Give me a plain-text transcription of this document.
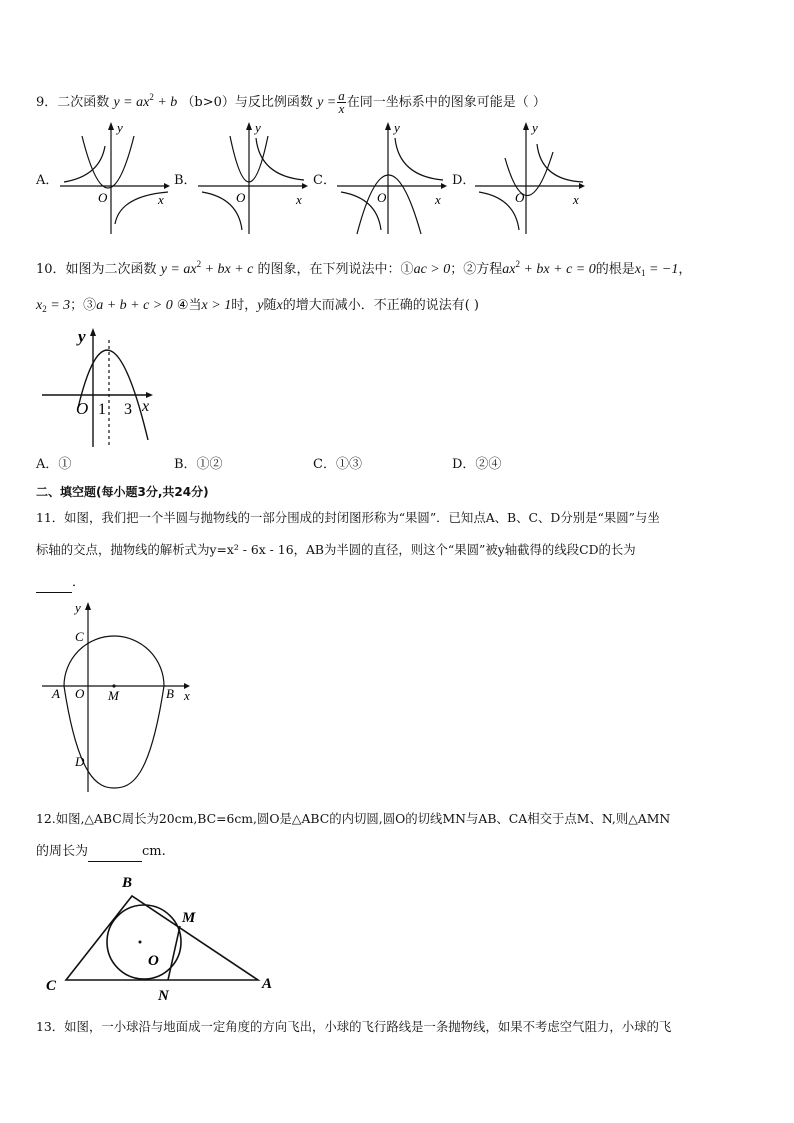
9．二次函数 $y = ax^2 + b$ （b>0）与反比例函数 $y = \frac{a}{x}$ 在同一坐标系中的图象可能是（ ）
A．	B．	C．	D．
y
x
O
y
x
O
y
x
O
y
x
O
10．如图为二次函数 $y = ax^2$ + bx + c 的图象，在下列说法中：①ac > 0；②方程$ax^2$ + bx + c = 0的根是$x_1 = -1$，
$x_2 = 3$；③a + b + c > 0 ④当x > 1时，y随x的增大而减小．不正确的说法有( )
y
x
O 1 3
A．①	B．①②	C．①③	D．②④
二、填空题(每小题3分,共24分)
11．如图，我们把一个半圆与抛物线的一部分围成的封闭图形称为“果圆”．已知点A、B、C、D分别是“果圆”与坐
标轴的交点，抛物线的解析式为y=x² - 6x - 16，AB为半圆的直径，则这个“果圆”被y轴截得的线段CD的长为
．
y
x
C
A O M	B
D
12.如图,△ABC周长为20cm,BC=6cm,圆O是△ABC的内切圆,圆O的切线MN与AB、CA相交于点M、N,则△AMN
的周长为	cm.
B
M
O
C
N
A
13．如图，一小球沿与地面成一定角度的方向飞出，小球的飞行路线是一条抛物线，如果不考虑空气阻力，小球的飞
